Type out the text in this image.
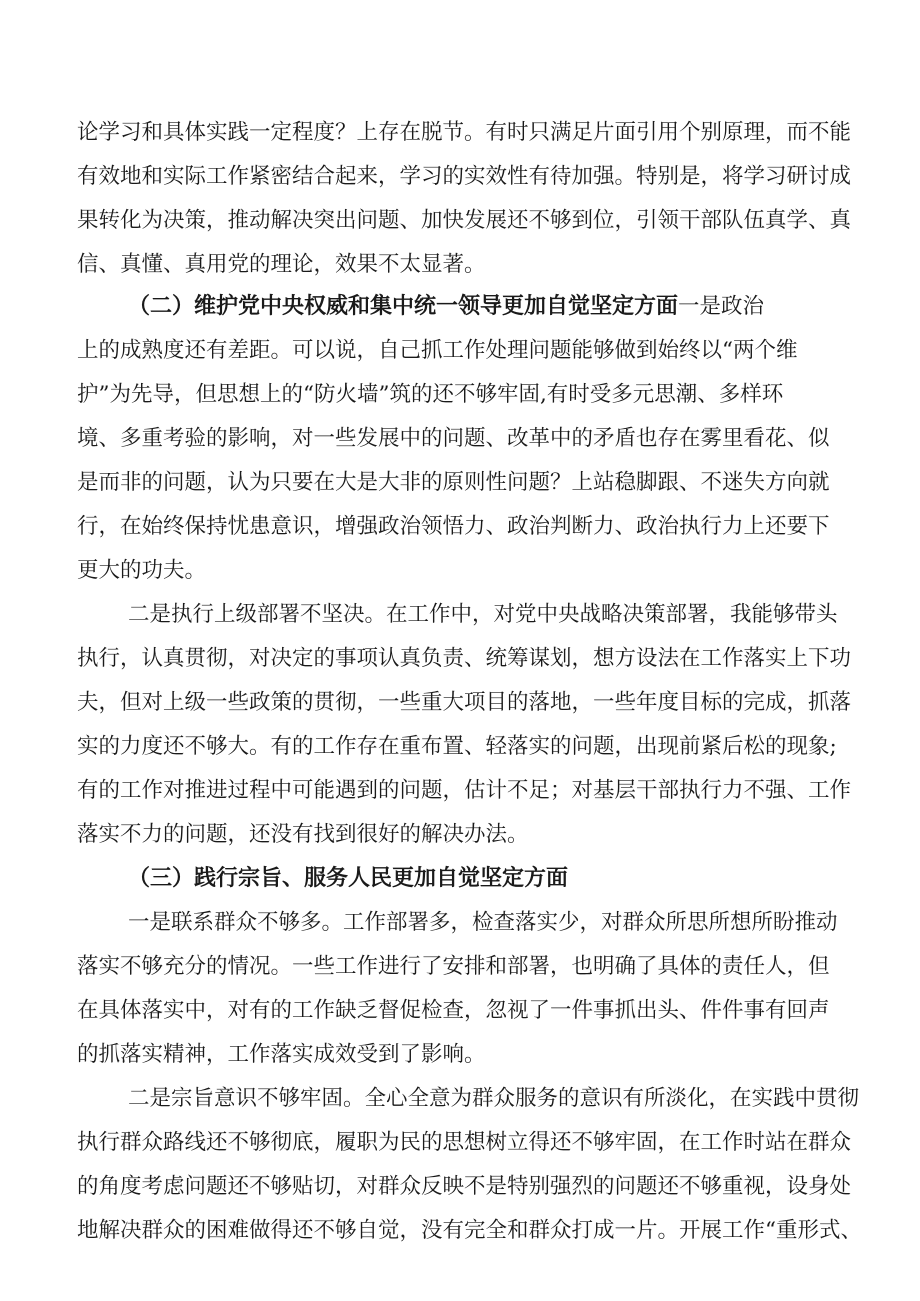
论学习和具体实践一定程度？上存在脱节。有时只满足片面引用个别原理，而不能
有效地和实际工作紧密结合起来，学习的实效性有待加强。特别是，将学习研讨成
果转化为决策，推动解决突出问题、加快发展还不够到位，引领干部队伍真学、真
信、真懂、真用党的理论，效果不太显著。
（二）维护党中央权威和集中统一领导更加自觉坚定方面一是政治
上的成熟度还有差距。可以说，自己抓工作处理问题能够做到始终以“两个维
护”为先导，但思想上的“防火墙”筑的还不够牢固,有时受多元思潮、多样环
境、多重考验的影响，对一些发展中的问题、改革中的矛盾也存在雾里看花、似
是而非的问题，认为只要在大是大非的原则性问题？上站稳脚跟、不迷失方向就
行，在始终保持忧患意识，增强政治领悟力、政治判断力、政治执行力上还要下
更大的功夫。
二是执行上级部署不坚决。在工作中，对党中央战略决策部署，我能够带头
执行，认真贯彻，对决定的事项认真负责、统筹谋划，想方设法在工作落实上下功
夫，但对上级一些政策的贯彻，一些重大项目的落地，一些年度目标的完成，抓落
实的力度还不够大。有的工作存在重布置、轻落实的问题，出现前紧后松的现象;
有的工作对推进过程中可能遇到的问题，估计不足；对基层干部执行力不强、工作
落实不力的问题，还没有找到很好的解决办法。
（三）践行宗旨、服务人民更加自觉坚定方面
一是联系群众不够多。工作部署多，检查落实少，对群众所思所想所盼推动
落实不够充分的情况。一些工作进行了安排和部署，也明确了具体的责任人，但
在具体落实中，对有的工作缺乏督促检查，忽视了一件事抓出头、件件事有回声
的抓落实精神，工作落实成效受到了影响。
二是宗旨意识不够牢固。全心全意为群众服务的意识有所淡化，在实践中贯彻
执行群众路线还不够彻底，履职为民的思想树立得还不够牢固，在工作时站在群众
的角度考虑问题还不够贴切，对群众反映不是特别强烈的问题还不够重视，设身处
地解决群众的困难做得还不够自觉，没有完全和群众打成一片。开展工作“重形式、
